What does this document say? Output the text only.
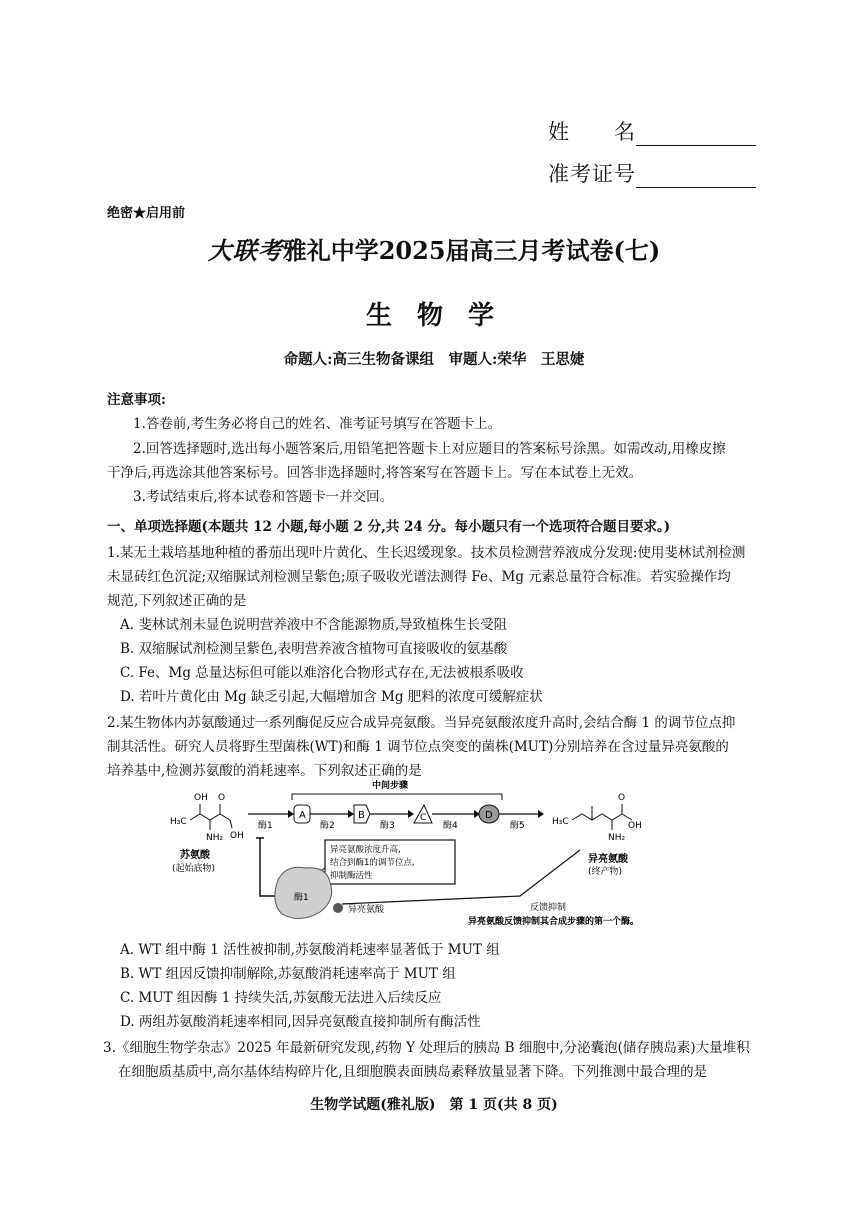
姓　　名
准考证号
绝密★启用前
大联考雅礼中学2025届高三月考试卷(七)
生 物 学
命题人:高三生物备课组　审题人:荣华　王思婕
注意事项:
1.答卷前,考生务必将自己的姓名、准考证号填写在答题卡上。
2.回答选择题时,选出每小题答案后,用铅笔把答题卡上对应题目的答案标号涂黑。如需改动,用橡皮擦
干净后,再选涂其他答案标号。回答非选择题时,将答案写在答题卡上。写在本试卷上无效。
3.考试结束后,将本试卷和答题卡一并交回。
一、单项选择题(本题共 12 小题,每小题 2 分,共 24 分。每小题只有一个选项符合题目要求。)
1.某无土栽培基地种植的番茄出现叶片黄化、生长迟缓现象。技术员检测营养液成分发现:使用斐林试剂检测
未显砖红色沉淀;双缩脲试剂检测呈紫色;原子吸收光谱法测得 Fe、Mg 元素总量符合标准。若实验操作均
规范,下列叙述正确的是
A. 斐林试剂未显色说明营养液中不含能源物质,导致植株生长受阻
B. 双缩脲试剂检测呈紫色,表明营养液含植物可直接吸收的氨基酸
C. Fe、Mg 总量达标但可能以难溶化合物形式存在,无法被根系吸收
D. 若叶片黄化由 Mg 缺乏引起,大幅增加含 Mg 肥料的浓度可缓解症状
2.某生物体内苏氨酸通过一系列酶促反应合成异亮氨酸。当异亮氨酸浓度升高时,会结合酶 1 的调节位点抑
制其活性。研究人员将野生型菌株(WT)和酶 1 调节位点突变的菌株(MUT)分别培养在含过量异亮氨酸的
培养基中,检测苏氨酸的消耗速率。下列叙述正确的是
H₃C
OH O
OH
NH₂
苏氨酸
(起始底物)
中间步骤
酶1	酶2	酶3	酶4	酶5
A	B	C	D
H₃C
O
OH
NH₂
异亮氨酸
(终产物)
异亮氨酸浓度升高,
结合到酶1的调节位点,
抑制酶活性
酶1
异亮氨酸	反馈抑制
异亮氨酸反馈抑制其合成步骤的第一个酶。
A. WT 组中酶 1 活性被抑制,苏氨酸消耗速率显著低于 MUT 组
B. WT 组因反馈抑制解除,苏氨酸消耗速率高于 MUT 组
C. MUT 组因酶 1 持续失活,苏氨酸无法进入后续反应
D. 两组苏氨酸消耗速率相同,因异亮氨酸直接抑制所有酶活性
3.《细胞生物学杂志》2025 年最新研究发现,药物 Y 处理后的胰岛 B 细胞中,分泌囊泡(储存胰岛素)大量堆积
在细胞质基质中,高尔基体结构碎片化,且细胞膜表面胰岛素释放量显著下降。下列推测中最合理的是
生物学试题(雅礼版)　第 1 页(共 8 页)
